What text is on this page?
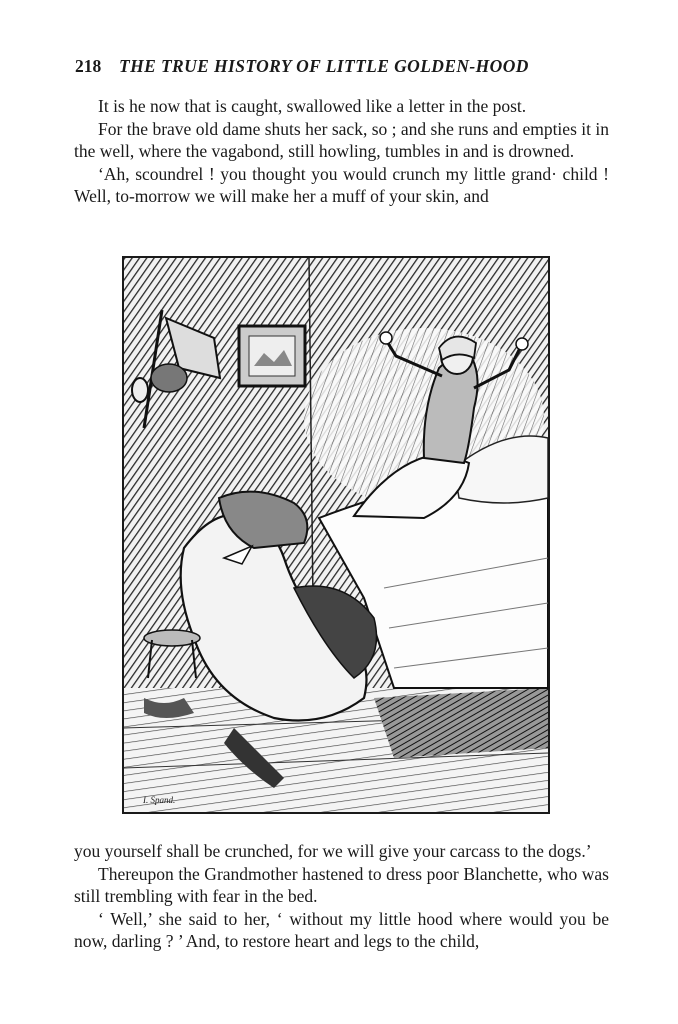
218 THE TRUE HISTORY OF LITTLE GOLDEN-HOOD

It is he now that is caught, swallowed like a letter in the post.

For the brave old dame shuts her sack, so ; and she runs and empties it in the well, where the vagabond, still howling, tumbles in and is drowned.

‘Ah, scoundrel ! you thought you would crunch my little grand· child ! Well, to-morrow we will make her a muff of your skin, and

I. Spand.

you yourself shall be crunched, for we will give your carcass to the dogs.’

Thereupon the Grandmother hastened to dress poor Blanchette, who was still trembling with fear in the bed.

‘ Well,’ she said to her, ‘ without my little hood where would you be now, darling ? ’ And, to restore heart and legs to the child,
